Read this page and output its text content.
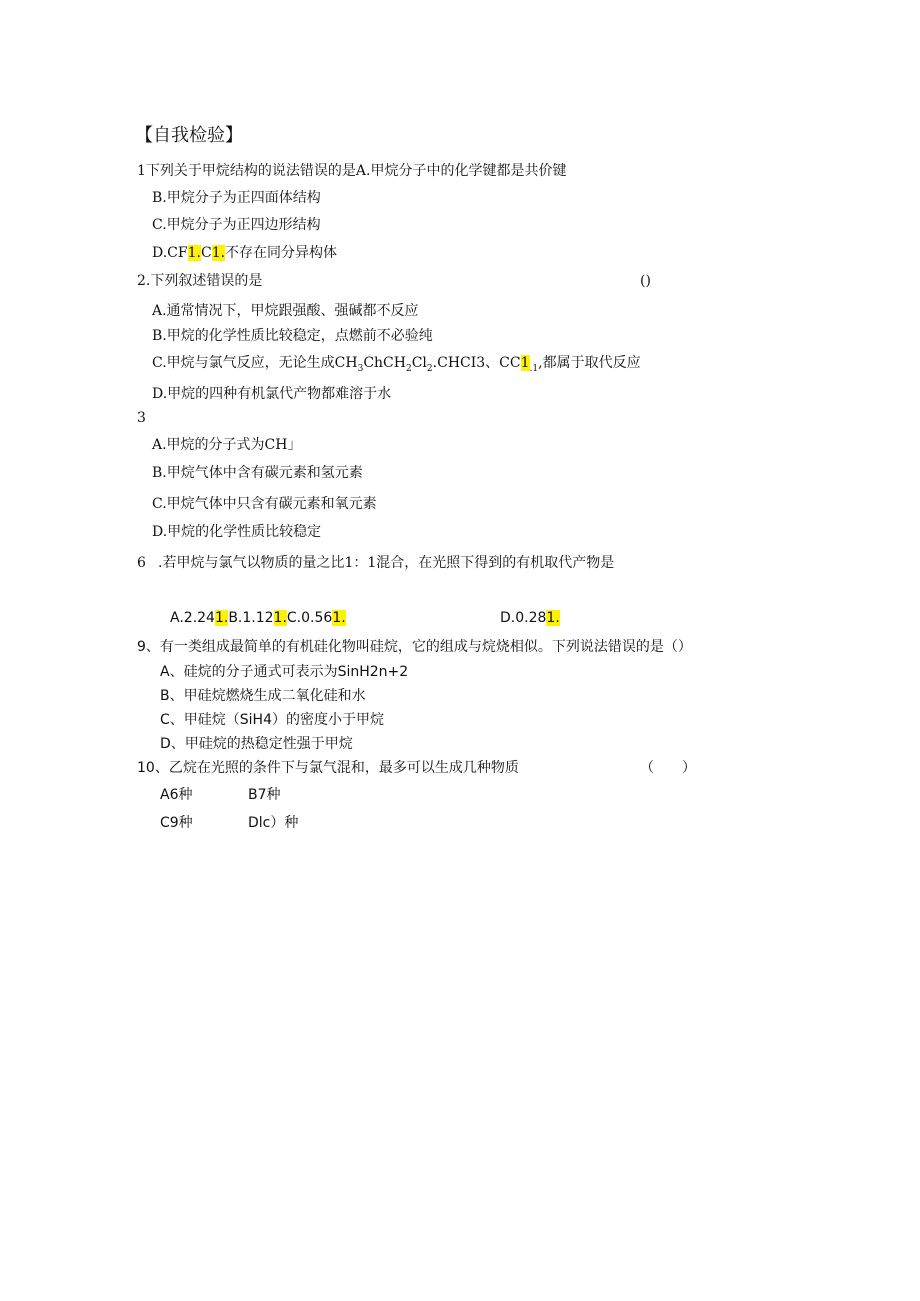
【自我检验】
1下列关于甲烷结构的说法错误的是A.甲烷分子中的化学键都是共价键
B.甲烷分子为正四面体结构
C.甲烷分子为正四边形结构
D.CF1.C1.不存在同分异构体
2.下列叙述错误的是	()
A.通常情况下，甲烷跟强酸、强碱都不反应
B.甲烷的化学性质比较稳定，点燃前不必验纯
C.甲烷与氯气反应，无论生成$CH_3ChCH_2Cl_2.CHCI3$、$CC1_{.1}$,都属于取代反应
D.甲烷的四种有机氯代产物都难溶于水
3
A.甲烷的分子式为CH」
B.甲烷气体中含有碳元素和氢元素
C.甲烷气体中只含有碳元素和氧元素
D.甲烷的化学性质比较稳定
6 .若甲烷与氯气以物质的量之比1：1混合，在光照下得到的有机取代产物是
A.2.241.B.1.121.C.0.561.	D.0.281.
9、有一类组成最简单的有机硅化物叫硅烷，它的组成与烷烧相似。下列说法错误的是（）
A、硅烷的分子通式可表示为SinH2n+2
B、甲硅烷燃烧生成二氧化硅和水
C、甲硅烷（SiH4）的密度小于甲烷
D、甲硅烷的热稳定性强于甲烷
10、乙烷在光照的条件下与氯气混和，最多可以生成几种物质	（　　）
A6种	B7种
C9种	Dlc）种
